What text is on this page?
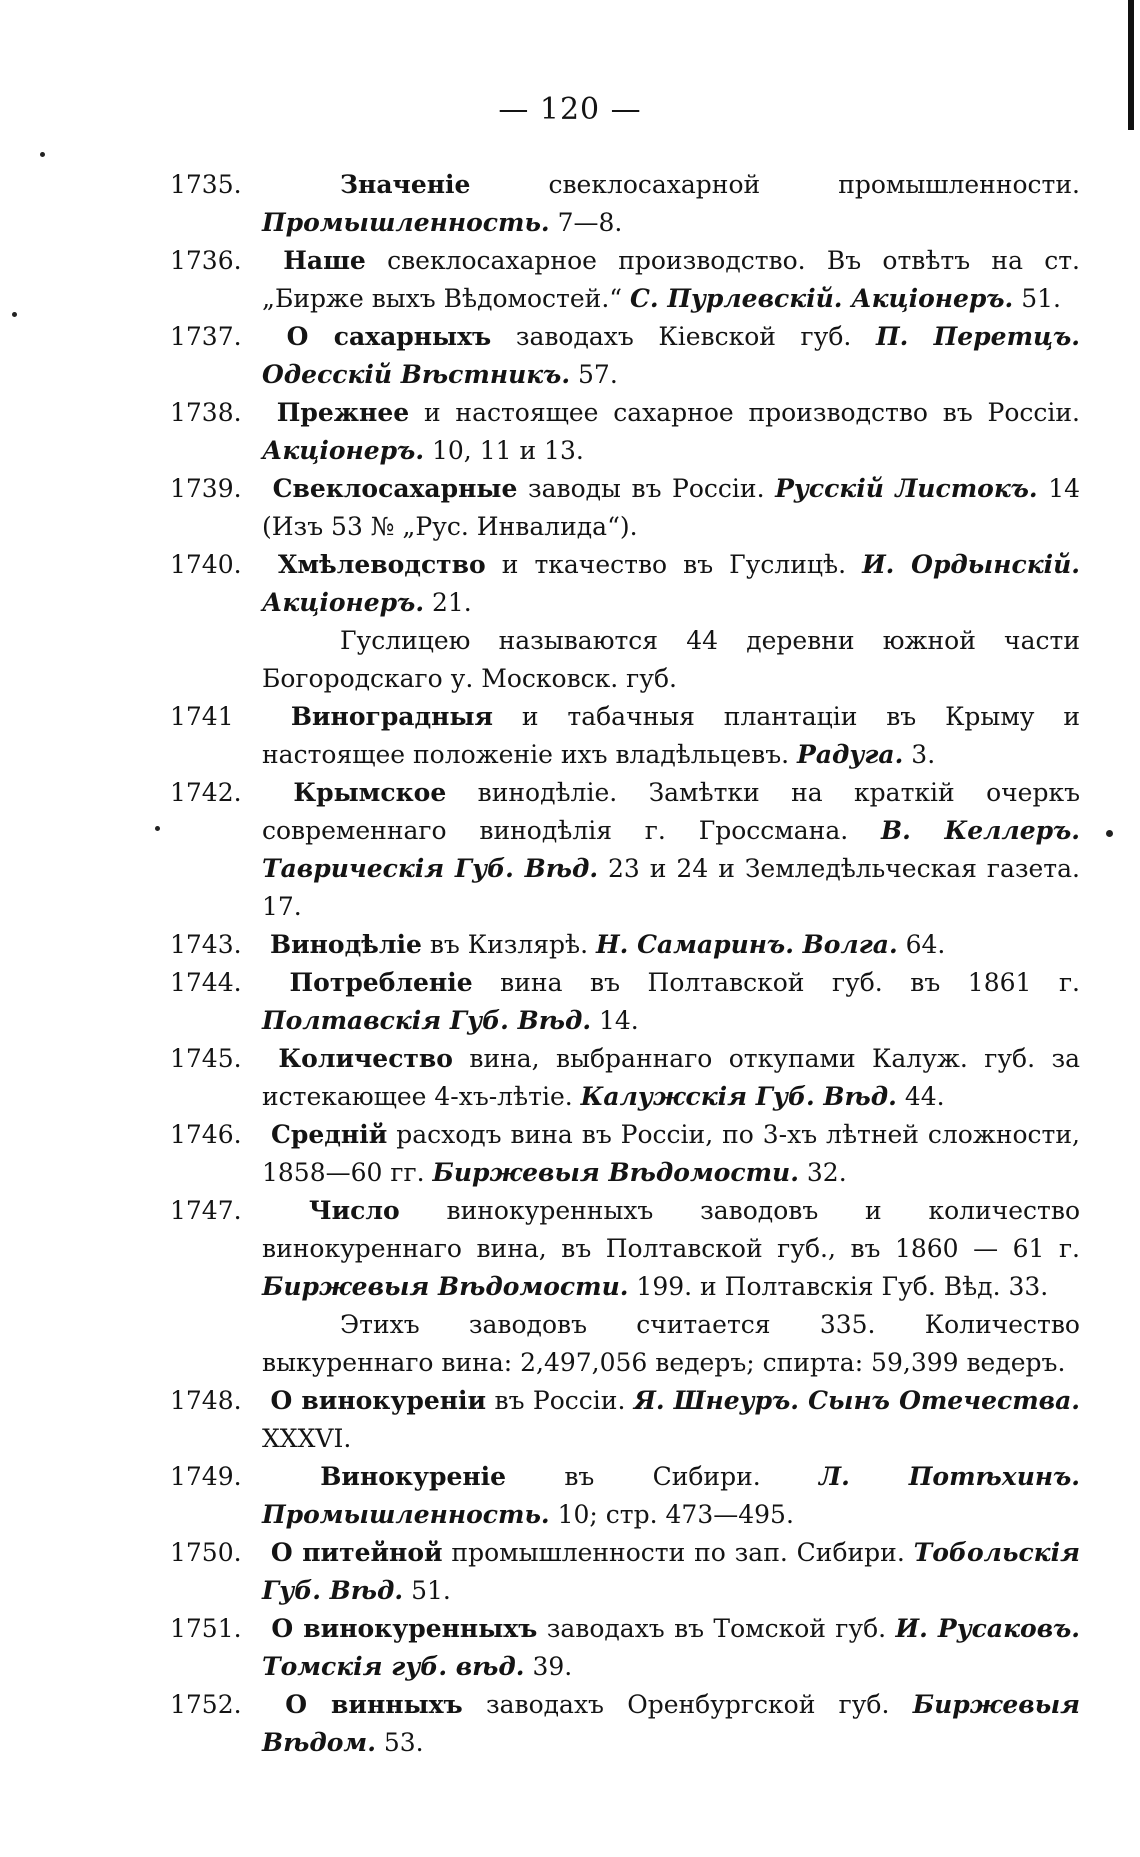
— 120 —
1735.	Значеніе	свеклосахарной промышленности. Промышленность. 7—8.
1736. Наше свеклосахарное производство. Въ отвѣтъ на ст. „Бирже выхъ Вѣдомостей.“ С. Пурлевскій. Акціонеръ. 51.
1737. О сахарныхъ заводахъ Кіевской губ. П. Перетцъ. Одесскій Вѣстникъ. 57.
1738. Прежнее и настоящее сахарное производство въ Россіи. Акціонеръ. 10, 11 и 13.
1739. Свеклосахарные заводы въ Россіи. Русскій Листокъ. 14 (Изъ 53 № „Рус. Инвалида“).
1740. Хмѣлеводство и ткачество въ Гуслицѣ. И. Ордынскій. Акціонеръ. 21.
Гуслицею называются 44 деревни южной части Богородскаго у. Московск. губ.
1741 Виноградныя и табачныя плантаціи въ Крыму и настоящее положеніе ихъ владѣльцевъ. Радуга. 3.
1742. Крымское винодѣліе. Замѣтки на краткій очеркъ современнаго винодѣлія г. Гроссмана. В. Келлеръ. Таврическія Губ. Вѣд. 23 и 24 и Земледѣльческая газета. 17.
1743. Винодѣліе въ Кизлярѣ. Н. Самаринъ. Волга. 64.
1744. Потребленіе вина въ Полтавской губ. въ 1861 г. Полтавскія Губ. Вѣд. 14.
1745. Количество вина, выбраннаго откупами Калуж. губ. за истекающее 4-хъ-лѣтіе. Калужскія Губ. Вѣд. 44.
1746. Средній расходъ вина въ Россіи, по 3-хъ лѣтней сложности, 1858—60 гг. Биржевыя Вѣдомости. 32.
1747.	Число винокуренныхъ заводовъ и количество винокуреннаго вина, въ Полтавской губ., въ 1860 — 61 г. Биржевыя Вѣдомости. 199. и Полтавскія Губ. Вѣд. 33.
Этихъ заводовъ считается 335. Количество выкуреннаго вина: 2,497,056 ведеръ; спирта: 59,399 ведеръ.
1748. О винокуреніи въ Россіи. Я. Шнеуръ. Сынъ Отечества. XXXVI.
1749.	Винокуреніе въ Сибири. Л. Потѣхинъ. Промышленность. 10; стр. 473—495.
1750. О питейной промышленности по зап. Сибири. Тобольскія Губ. Вѣд. 51.
1751. О винокуренныхъ заводахъ въ Томской губ. И. Русаковъ. Томскія губ. вѣд. 39.
1752. О винныхъ заводахъ Оренбургской губ. Биржевыя Вѣдом. 53.
